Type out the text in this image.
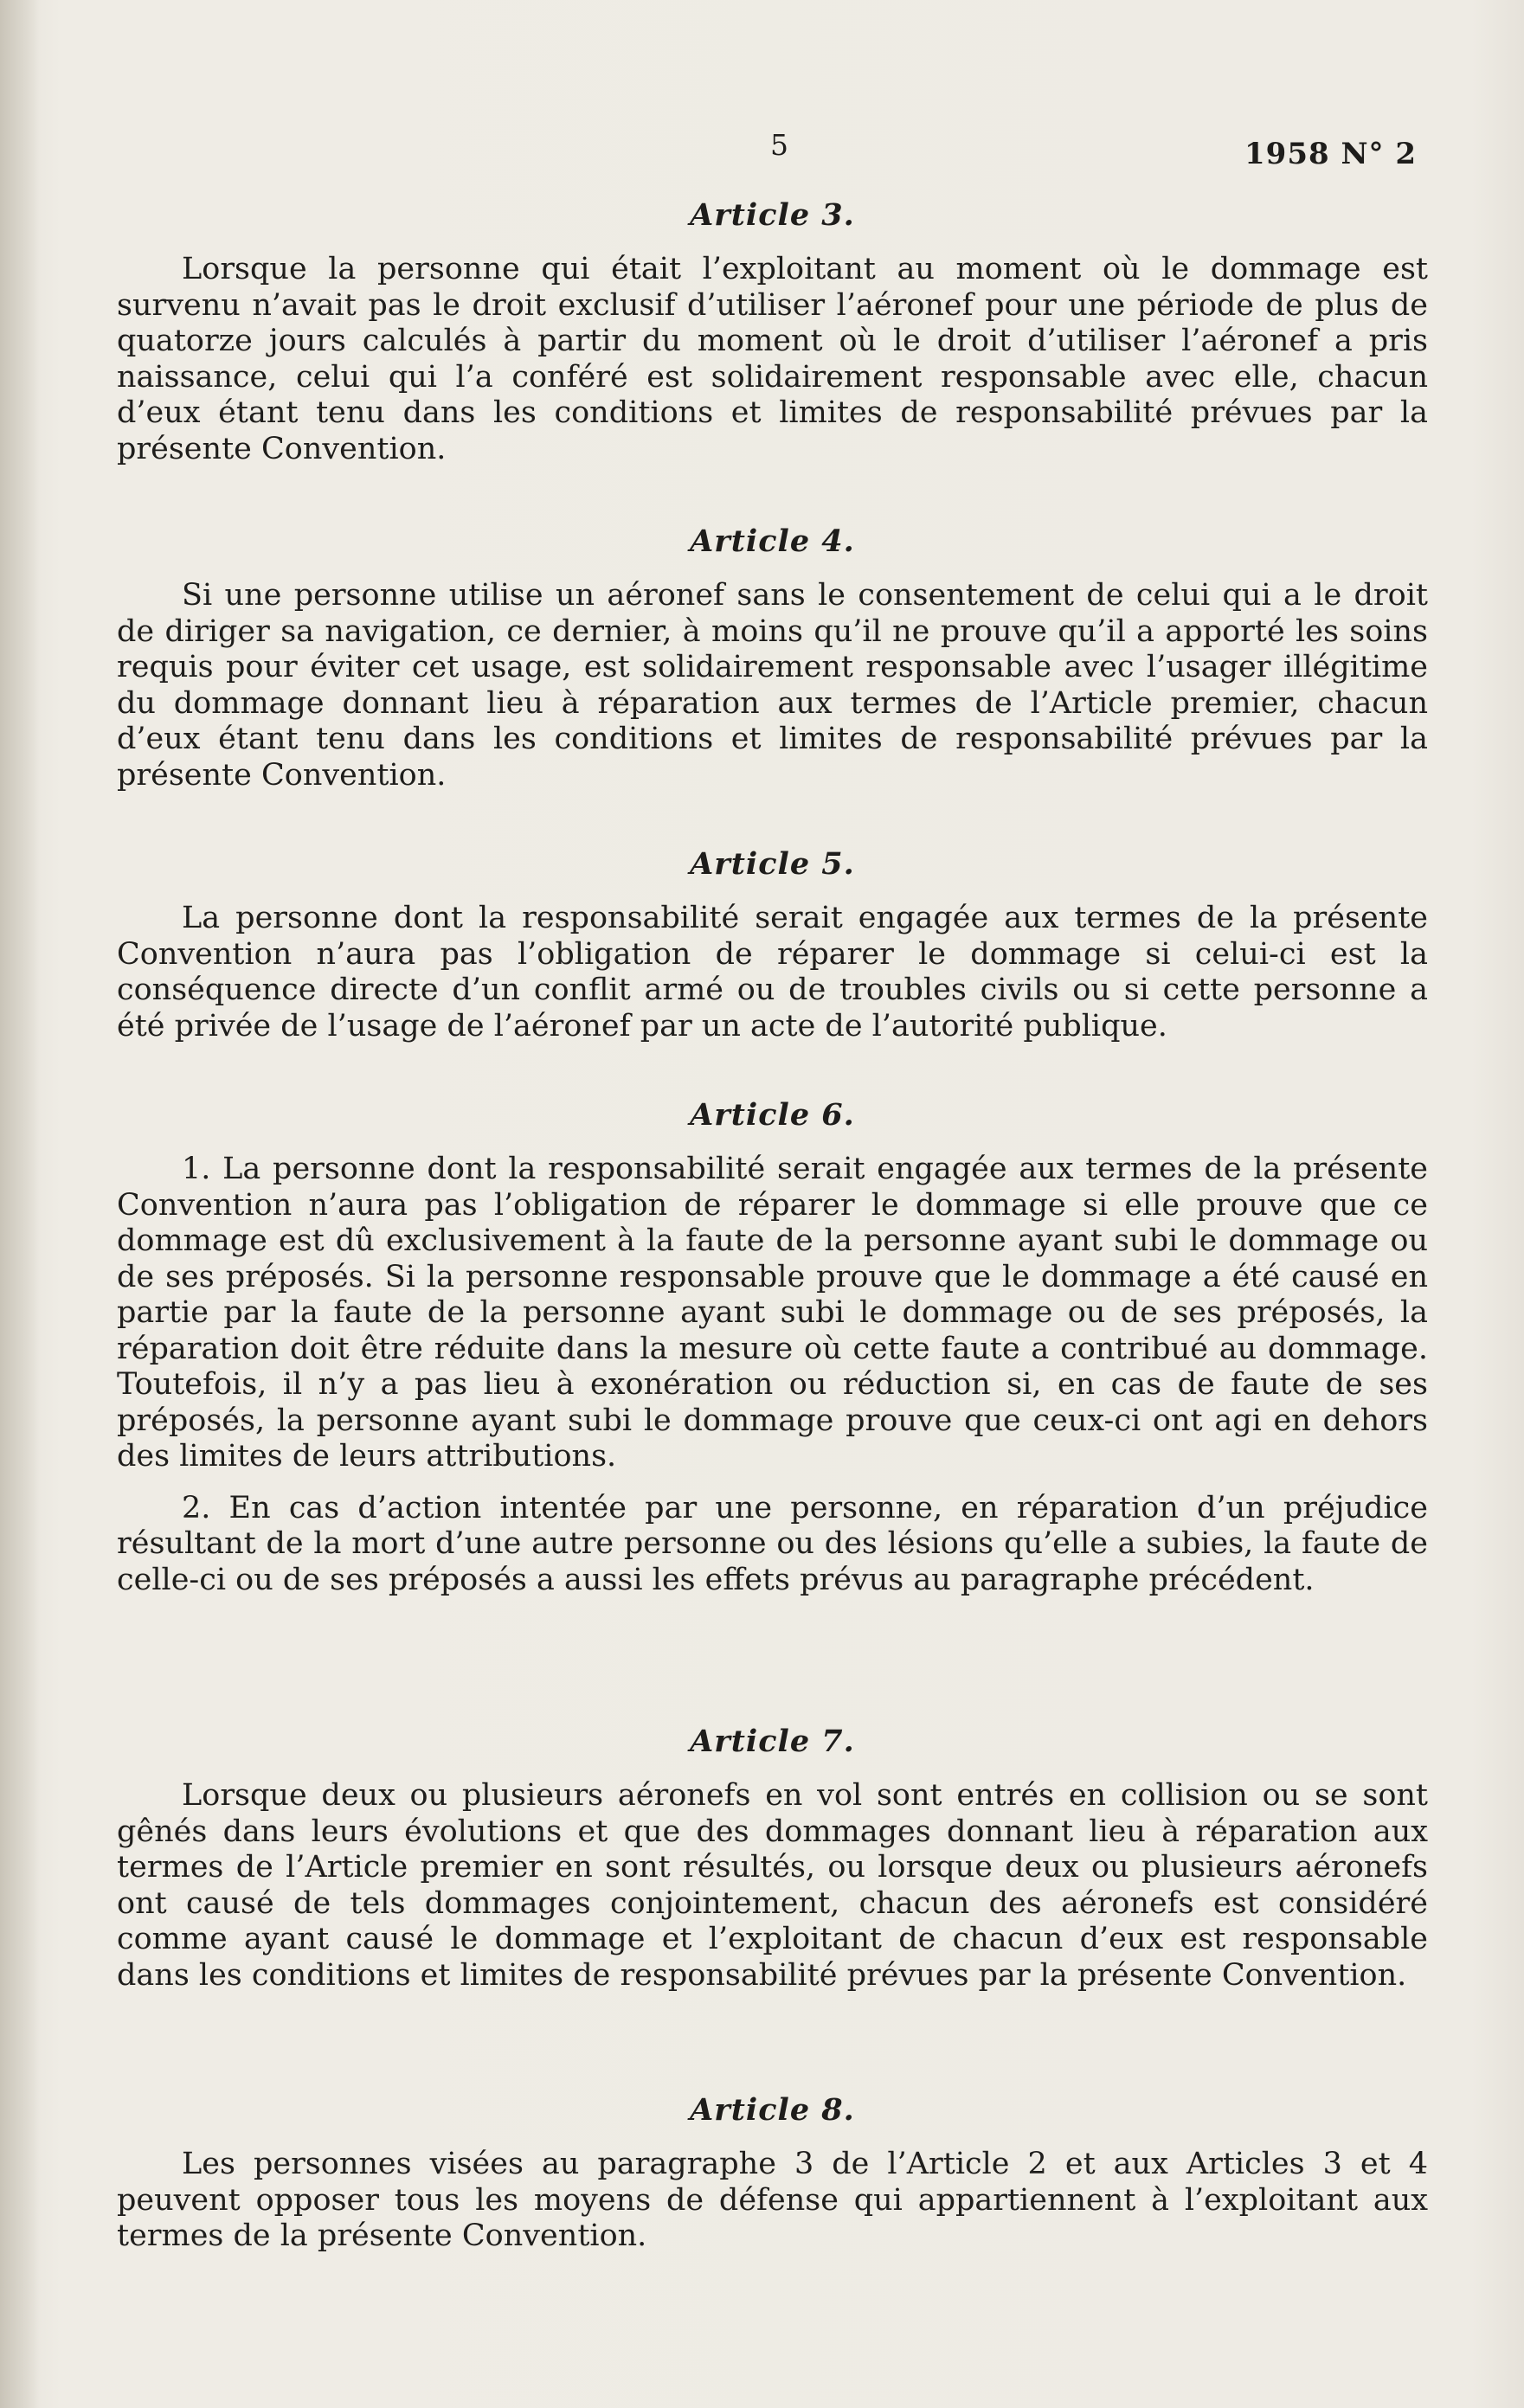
5	1958 N° 2
Article 3.

Lorsque la personne qui était l’exploitant au moment où le dommage est survenu n’avait pas le droit exclusif d’utiliser l’aéronef pour une période de plus de quatorze jours calculés à partir du moment où le droit d’utiliser l’aéronef a pris naissance, celui qui l’a conféré est solidairement responsable avec elle, chacun d’eux étant tenu dans les conditions et limites de responsabilité prévues par la présente Convention.

Article 4.

Si une personne utilise un aéronef sans le consentement de celui qui a le droit de diriger sa navigation, ce dernier, à moins qu’il ne prouve qu’il a apporté les soins requis pour éviter cet usage, est solidairement responsable avec l’usager illégitime du dommage donnant lieu à réparation aux termes de l’Article premier, chacun d’eux étant tenu dans les conditions et limites de responsabilité prévues par la présente Convention.

Article 5.

La personne dont la responsabilité serait engagée aux termes de la présente Convention n’aura pas l’obligation de réparer le dommage si celui-ci est la conséquence directe d’un conflit armé ou de troubles civils ou si cette personne a été privée de l’usage de l’aéronef par un acte de l’autorité publique.

Article 6.

1. La personne dont la responsabilité serait engagée aux termes de la présente Convention n’aura pas l’obligation de réparer le dommage si elle prouve que ce dommage est dû exclusivement à la faute de la personne ayant subi le dommage ou de ses préposés. Si la personne responsable prouve que le dommage a été causé en partie par la faute de la personne ayant subi le dommage ou de ses préposés, la réparation doit être réduite dans la mesure où cette faute a contribué au dommage. Toutefois, il n’y a pas lieu à exonération ou réduction si, en cas de faute de ses préposés, la personne ayant subi le dommage prouve que ceux-ci ont agi en dehors des limites de leurs attributions.

2. En cas d’action intentée par une personne, en réparation d’un préjudice résultant de la mort d’une autre personne ou des lésions qu’elle a subies, la faute de celle-ci ou de ses préposés a aussi les effets prévus au paragraphe précédent.

Article 7.

Lorsque deux ou plusieurs aéronefs en vol sont entrés en collision ou se sont gênés dans leurs évolutions et que des dommages donnant lieu à réparation aux termes de l’Article premier en sont résultés, ou lorsque deux ou plusieurs aéronefs ont causé de tels dommages conjointement, chacun des aéronefs est considéré comme ayant causé le dommage et l’exploitant de chacun d’eux est responsable dans les conditions et limites de responsabilité prévues par la présente Convention.

Article 8.

Les personnes visées au paragraphe 3 de l’Article 2 et aux Articles 3 et 4 peuvent opposer tous les moyens de défense qui appartiennent à l’exploitant aux termes de la présente Convention.
